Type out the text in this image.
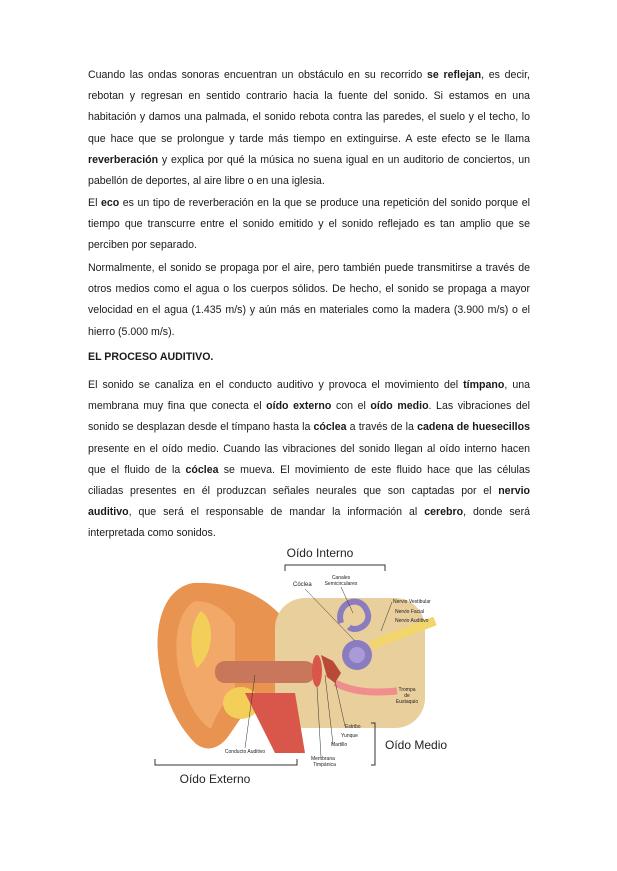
Cuando las ondas sonoras encuentran un obstáculo en su recorrido se reflejan, es decir, rebotan y regresan en sentido contrario hacia la fuente del sonido. Si estamos en una habitación y damos una palmada, el sonido rebota contra las paredes, el suelo y el techo, lo que hace que se prolongue y tarde más tiempo en extinguirse. A este efecto se le llama reverberación y explica por qué la música no suena igual en un auditorio de conciertos, un pabellón de deportes, al aire libre o en una iglesia.

El eco es un tipo de reverberación en la que se produce una repetición del sonido porque el tiempo que transcurre entre el sonido emitido y el sonido reflejado es tan amplio que se perciben por separado.

Normalmente, el sonido se propaga por el aire, pero también puede transmitirse a través de otros medios como el agua o los cuerpos sólidos. De hecho, el sonido se propaga a mayor velocidad en el agua (1.435 m/s) y aún más en materiales como la madera (3.900 m/s) o el hierro (5.000 m/s).

EL PROCESO AUDITIVO.

El sonido se canaliza en el conducto auditivo y provoca el movimiento del tímpano, una membrana muy fina que conecta el oído externo con el oído medio. Las vibraciones del sonido se desplazan desde el tímpano hasta la cóclea a través de la cadena de huesecillos presente en el oído medio. Cuando las vibraciones del sonido llegan al oído interno hacen que el fluido de la cóclea se mueva. El movimiento de este fluido hace que las células ciliadas presentes en él produzcan señales neurales que son captadas por el nervio auditivo, que será el responsable de mandar la información al cerebro, donde será interpretada como sonidos.

Oído Interno
Cóclea
Canales
Semicirculares
Nervio Vestibular
Nervio Facial
Nervio Auditivo
Trompa
de
Eustaquio
Estribo
Yunque
Martillo
Membrana
Timpánica
Oído Medio
Conducto Auditivo
Oído Externo
